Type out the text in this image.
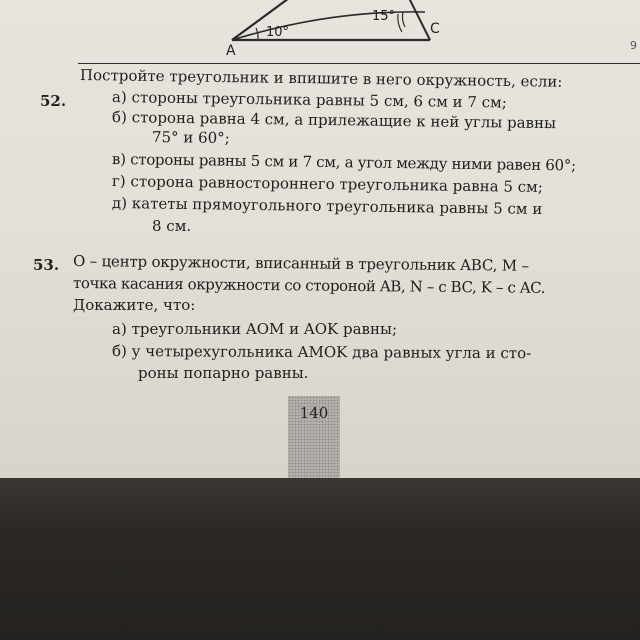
10°
15°
A
C
9
52.
Постройте треугольник и впишите в него окружность, если:
а) стороны треугольника равны 5 см, 6 см и 7 см;
б) сторона равна 4 см, а прилежащие к ней углы равны
75° и 60°;
в) стороны равны 5 см и 7 см, а угол между ними равен 60°;
г) сторона равностороннего треугольника равна 5 см;
д) катеты прямоугольного треугольника равны 5 см и
8 см.
53. О – центр окружности, вписанный в треугольник ABC, M –
точка касания окружности со стороной AB, N – с BC, K – с AC.
Докажите, что:
а) треугольники AOM и AOK равны;
б) у четырехугольника AMOK два равных угла и сто-
роны попарно равны.
140
